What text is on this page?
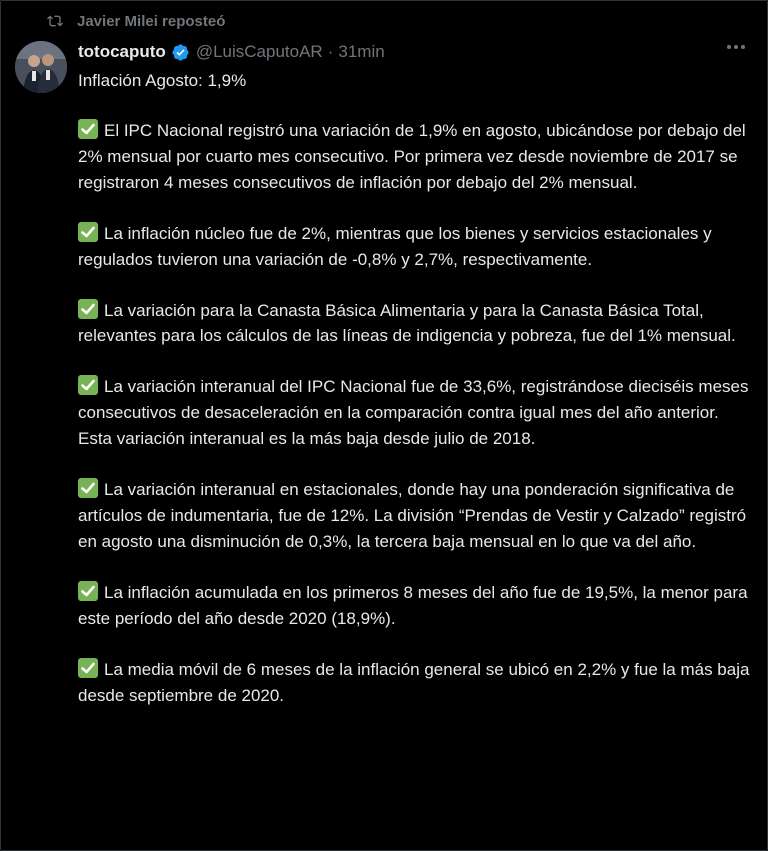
Javier Milei reposteó
totocaputo @LuisCaputoAR · 31min
Inflación Agosto: 1,9%
El IPC Nacional registró una variación de 1,9% en agosto, ubicándose por debajo del 2% mensual por cuarto mes consecutivo. Por primera vez desde noviembre de 2017 se registraron 4 meses consecutivos de inflación por debajo del 2% mensual.
La inflación núcleo fue de 2%, mientras que los bienes y servicios estacionales y regulados tuvieron una variación de -0,8% y 2,7%, respectivamente.
La variación para la Canasta Básica Alimentaria y para la Canasta Básica Total, relevantes para los cálculos de las líneas de indigencia y pobreza, fue del 1% mensual.
La variación interanual del IPC Nacional fue de 33,6%, registrándose dieciséis meses consecutivos de desaceleración en la comparación contra igual mes del año anterior. Esta variación interanual es la más baja desde julio de 2018.
La variación interanual en estacionales, donde hay una ponderación significativa de artículos de indumentaria, fue de 12%. La división “Prendas de Vestir y Calzado” registró en agosto una disminución de 0,3%, la tercera baja mensual en lo que va del año.
La inflación acumulada en los primeros 8 meses del año fue de 19,5%, la menor para este período del año desde 2020 (18,9%).
La media móvil de 6 meses de la inflación general se ubicó en 2,2% y fue la más baja desde septiembre de 2020.
